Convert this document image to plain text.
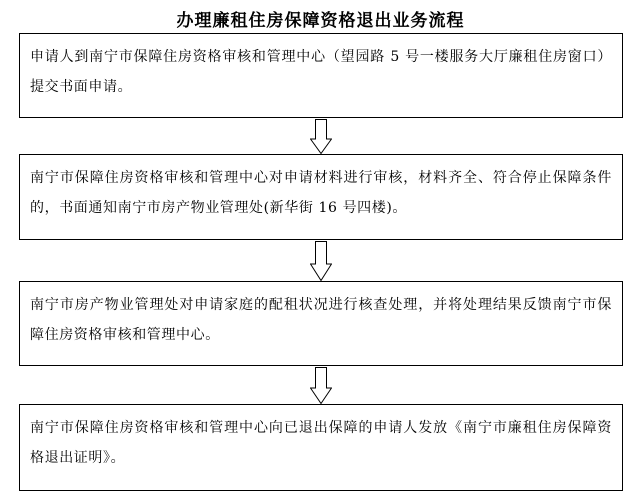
办理廉租住房保障资格退出业务流程
申请人到南宁市保障住房资格审核和管理中心（望园路 5 号一楼服务大厅廉租住房窗口）提交书面申请。
南宁市保障住房资格审核和管理中心对申请材料进行审核，材料齐全、符合停止保障条件的，书面通知南宁市房产物业管理处(新华街 16 号四楼)。
南宁市房产物业管理处对申请家庭的配租状况进行核查处理，并将处理结果反馈南宁市保障住房资格审核和管理中心。
南宁市保障住房资格审核和管理中心向已退出保障的申请人发放《南宁市廉租住房保障资格退出证明》。
